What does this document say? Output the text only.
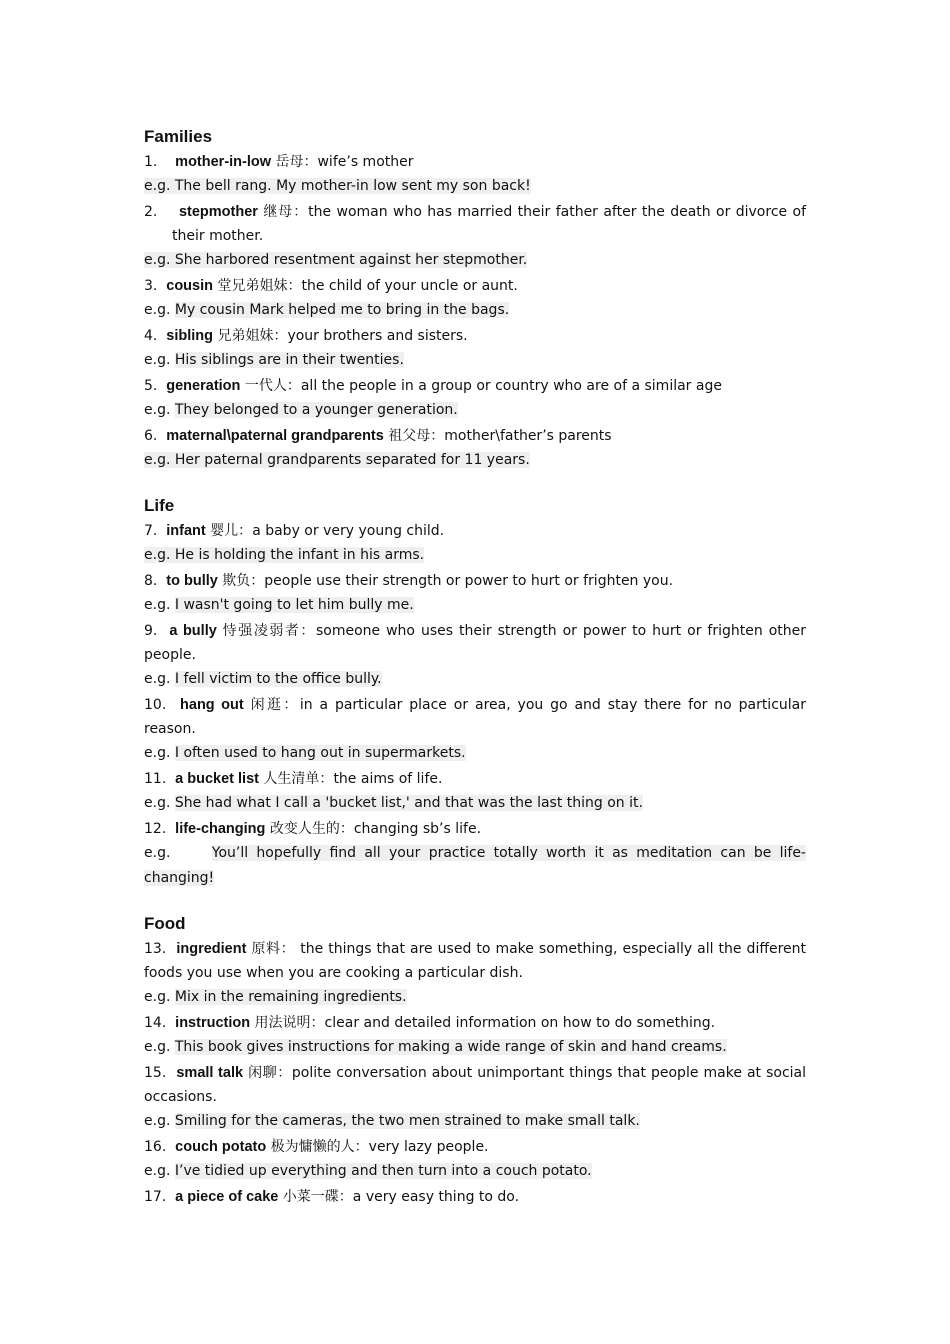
Families

1. mother-in-low 岳母：wife’s mother

e.g. The bell rang. My mother-in low sent my son back!

2. stepmother 继母：the woman who has married their father after the death or divorce of their mother.

e.g. She harbored resentment against her stepmother.

3. cousin 堂兄弟姐妹：the child of your uncle or aunt.

e.g. My cousin Mark helped me to bring in the bags.

4. sibling 兄弟姐妹：your brothers and sisters.

e.g. His siblings are in their twenties.

5. generation 一代人：all the people in a group or country who are of a similar age

e.g. They belonged to a younger generation.

6. maternal\paternal grandparents 祖父母：mother\father’s parents

e.g. Her paternal grandparents separated for 11 years.

Life

7. infant 婴儿：a baby or very young child.

e.g. He is holding the infant in his arms.

8. to bully 欺负：people use their strength or power to hurt or frighten you.

e.g. I wasn't going to let him bully me.

9. a bully 恃强凌弱者：someone who uses their strength or power to hurt or frighten other people.

e.g. I fell victim to the office bully.

10. hang out 闲逛：in a particular place or area, you go and stay there for no particular reason.

e.g. I often used to hang out in supermarkets.

11. a bucket list 人生清单：the aims of life.

e.g. She had what I call a 'bucket list,' and that was the last thing on it.

12. life-changing 改变人生的：changing sb’s life.

e.g.	You’ll hopefully find all your practice totally worth it as meditation can be life-changing!

Food

13. ingredient 原料： the things that are used to make something, especially all the different foods you use when you are cooking a particular dish.

e.g. Mix in the remaining ingredients.

14. instruction 用法说明：clear and detailed information on how to do something.

e.g. This book gives instructions for making a wide range of skin and hand creams.

15. small talk 闲聊：polite conversation about unimportant things that people make at social occasions.

e.g. Smiling for the cameras, the two men strained to make small talk.

16. couch potato 极为慵懒的人：very lazy people.

e.g. I’ve tidied up everything and then turn into a couch potato.

17. a piece of cake 小菜一碟：a very easy thing to do.
